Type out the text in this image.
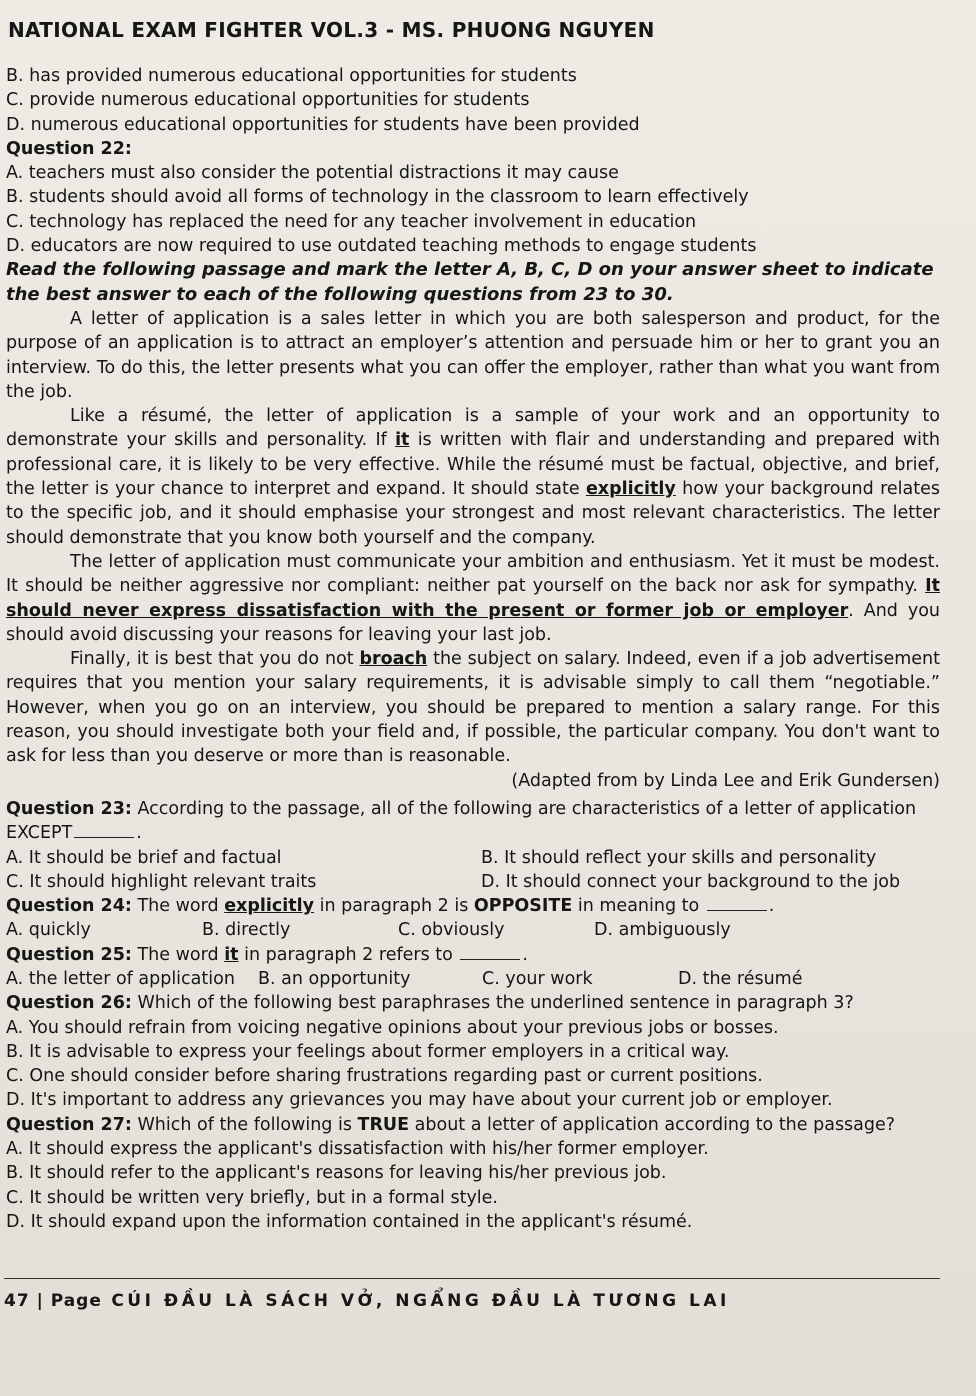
NATIONAL EXAM FIGHTER VOL.3 - MS. PHUONG NGUYEN
B. has provided numerous educational opportunities for students
C. provide numerous educational opportunities for students
D. numerous educational opportunities for students have been provided
Question 22:
A. teachers must also consider the potential distractions it may cause
B. students should avoid all forms of technology in the classroom to learn effectively
C. technology has replaced the need for any teacher involvement in education
D. educators are now required to use outdated teaching methods to engage students
Read the following passage and mark the letter A, B, C, D on your answer sheet to indicate
the best answer to each of the following questions from 23 to 30.

A letter of application is a sales letter in which you are both salesperson and product, for the purpose of an application is to attract an employer’s attention and persuade him or her to grant you an interview. To do this, the letter presents what you can offer the employer, rather than what you want from the job.

Like a résumé, the letter of application is a sample of your work and an opportunity to demonstrate your skills and personality. If it is written with flair and understanding and prepared with professional care, it is likely to be very effective. While the résumé must be factual, objective, and brief, the letter is your chance to interpret and expand. It should state explicitly how your background relates to the specific job, and it should emphasise your strongest and most relevant characteristics. The letter should demonstrate that you know both yourself and the company.

The letter of application must communicate your ambition and enthusiasm. Yet it must be modest. It should be neither aggressive nor compliant: neither pat yourself on the back nor ask for sympathy. It should never express dissatisfaction with the present or former job or employer. And you should avoid discussing your reasons for leaving your last job.

Finally, it is best that you do not broach the subject on salary. Indeed, even if a job advertisement requires that you mention your salary requirements, it is advisable simply to call them “negotiable.” However, when you go on an interview, you should be prepared to mention a salary range. For this reason, you should investigate both your field and, if possible, the particular company. You don't want to ask for less than you deserve or more than is reasonable.

(Adapted from by Linda Lee and Erik Gundersen)
Question 23: According to the passage, all of the following are characteristics of a letter of application
EXCEPT	.
A. It should be brief and factual	B. It should reflect your skills and personality
C. It should highlight relevant traits	D. It should connect your background to the job
Question 24: The word explicitly in paragraph 2 is OPPOSITE in meaning to	.
A. quickly	B. directly	C. obviously	D. ambiguously
Question 25: The word it in paragraph 2 refers to	.
A. the letter of application	B. an opportunity	C. your work	D. the résumé
Question 26: Which of the following best paraphrases the underlined sentence in paragraph 3?
A. You should refrain from voicing negative opinions about your previous jobs or bosses.
B. It is advisable to express your feelings about former employers in a critical way.
C. One should consider before sharing frustrations regarding past or current positions.
D. It's important to address any grievances you may have about your current job or employer.
Question 27: Which of the following is TRUE about a letter of application according to the passage?
A. It should express the applicant's dissatisfaction with his/her former employer.
B. It should refer to the applicant's reasons for leaving his/her previous job.
C. It should be written very briefly, but in a formal style.
D. It should expand upon the information contained in the applicant's résumé.
47 | Page CÚI ĐẦU LÀ SÁCH VỞ, NGẨNG ĐẦU LÀ TƯƠNG LAI
